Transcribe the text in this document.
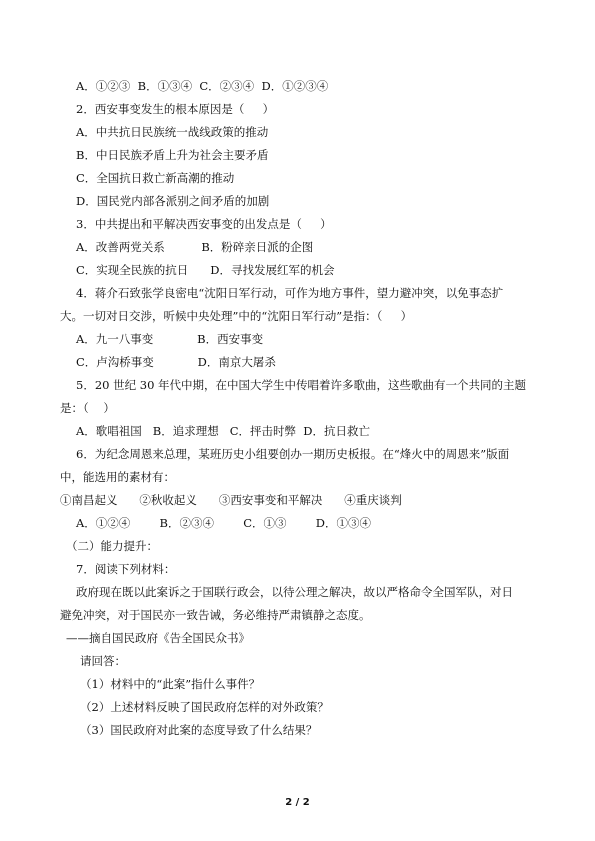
A．①②③  B．①③④  C．②③④  D．①②③④
2．西安事变发生的根本原因是（     ）
A．中共抗日民族统一战线政策的推动
B．中日民族矛盾上升为社会主要矛盾
C．全国抗日救亡新高潮的推动
D．国民党内部各派别之间矛盾的加剧
3．中共提出和平解决西安事变的出发点是（     ）
A．改善两党关系          B．粉碎亲日派的企图
C．实现全民族的抗日      D．寻找发展红军的机会
4．蒋介石致张学良密电“沈阳日军行动，可作为地方事件，望力避冲突，以免事态扩
大。一切对日交涉，听候中央处理”中的“沈阳日军行动”是指：（     ）
A．九一八事变            B．西安事变
C．卢沟桥事变            D．南京大屠杀
5．20 世纪 30 年代中期，在中国大学生中传唱着许多歌曲，这些歌曲有一个共同的主题
是：（    ）
A．歌唱祖国   B．追求理想   C．抨击时弊  D．抗日救亡
6．为纪念周恩来总理，某班历史小组要创办一期历史板报。在“烽火中的周恩来”版面
中，能选用的素材有：
①南昌起义      ②秋收起义      ③西安事变和平解决      ④重庆谈判
A．①②④        B．②③④        C．①③        D．①③④
（二）能力提升：
7．阅读下列材料：
政府现在既以此案诉之于国联行政会，以待公理之解决，故以严格命令全国军队，对日
避免冲突，对于国民亦一致告诫，务必维持严肃镇静之态度。
——摘自国民政府《告全国民众书》
请回答：
（1）材料中的“此案”指什么事件？
（2）上述材料反映了国民政府怎样的对外政策？
（3）国民政府对此案的态度导致了什么结果？
2 / 2
